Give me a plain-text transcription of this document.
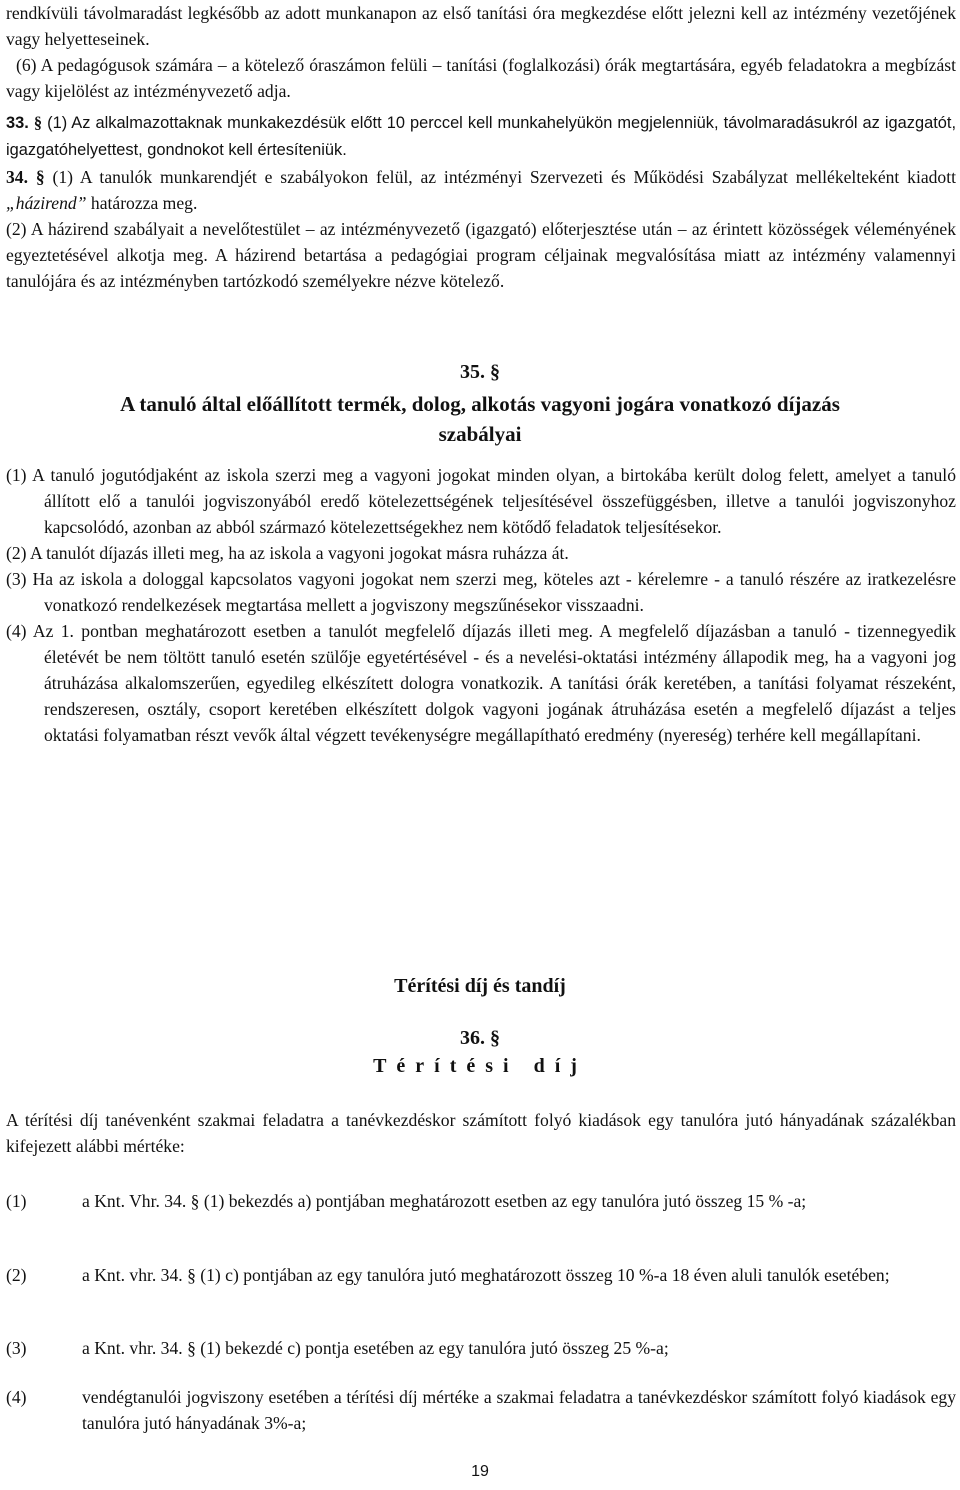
rendkívüli távolmaradást legkésőbb az adott munkanapon az első tanítási óra megkezdése előtt jelezni kell az intézmény vezetőjének vagy helyetteseinek.

(6) A pedagógusok számára – a kötelező óraszámon felüli – tanítási (foglalkozási) órák megtartására, egyéb feladatokra a megbízást vagy kijelölést az intézményvezető adja.

33. § (1) Az alkalmazottaknak munkakezdésük előtt 10 perccel kell munkahelyükön megjelenniük, távolmaradásukról az igazgatót, igazgatóhelyettest, gondnokot kell értesíteniük.

34. § (1) A tanulók munkarendjét e szabályokon felül, az intézményi Szervezeti és Működési Szabályzat mellékelteként kiadott „házirend” határozza meg.

(2) A házirend szabályait a nevelőtestület – az intézményvezető (igazgató) előterjesztése után – az érintett közösségek véleményének egyeztetésével alkotja meg. A házirend betartása a pedagógiai program céljainak megvalósítása miatt az intézmény valamennyi tanulójára és az intézményben tartózkodó személyekre nézve kötelező.

35. §
A tanuló által előállított termék, dolog, alkotás vagyoni jogára vonatkozó díjazás
szabályai
(1) A tanuló jogutódjaként az iskola szerzi meg a vagyoni jogokat minden olyan, a birtokába került dolog felett, amelyet a tanuló állított elő a tanulói jogviszonyából eredő kötelezettségének teljesítésével összefüggésben, illetve a tanulói jogviszonyhoz kapcsolódó, azonban az abból származó kötelezettségekhez nem kötődő feladatok teljesítésekor.
(2) A tanulót díjazás illeti meg, ha az iskola a vagyoni jogokat másra ruházza át.
(3) Ha az iskola a dologgal kapcsolatos vagyoni jogokat nem szerzi meg, köteles azt - kérelemre - a tanuló részére az iratkezelésre vonatkozó rendelkezések megtartása mellett a jogviszony megszűnésekor visszaadni.
(4) Az 1. pontban meghatározott esetben a tanulót megfelelő díjazás illeti meg. A megfelelő díjazásban a tanuló - tizennegyedik életévét be nem töltött tanuló esetén szülője egyetértésével - és a nevelési-oktatási intézmény állapodik meg, ha a vagyoni jog átruházása alkalomszerűen, egyedileg elkészített dologra vonatkozik. A tanítási órák keretében, a tanítási folyamat részeként, rendszeresen, osztály, csoport keretében elkészített dolgok vagyoni jogának átruházása esetén a megfelelő díjazást a teljes oktatási folyamatban részt vevők által végzett tevékenységre megállapítható eredmény (nyereség) terhére kell megállapítani.
Térítési díj és tandíj
36. §
Térítési díj
A térítési díj tanévenként szakmai feladatra a tanévkezdéskor számított folyó kiadások egy tanulóra jutó hányadának százalékban kifejezett alábbi mértéke:
(1)	a Knt. Vhr. 34. § (1) bekezdés a) pontjában meghatározott esetben az egy tanulóra jutó összeg 15 % -a;
(2)	a Knt. vhr. 34. § (1) c) pontjában az egy tanulóra jutó meghatározott összeg 10 %-a 18 éven aluli tanulók esetében;
(3)	a Knt. vhr. 34. § (1) bekezdé c) pontja esetében az egy tanulóra jutó összeg 25 %-a;
(4)	vendégtanulói jogviszony esetében a térítési díj mértéke a szakmai feladatra a tanévkezdéskor számított folyó kiadások egy tanulóra jutó hányadának 3%-a;
19
